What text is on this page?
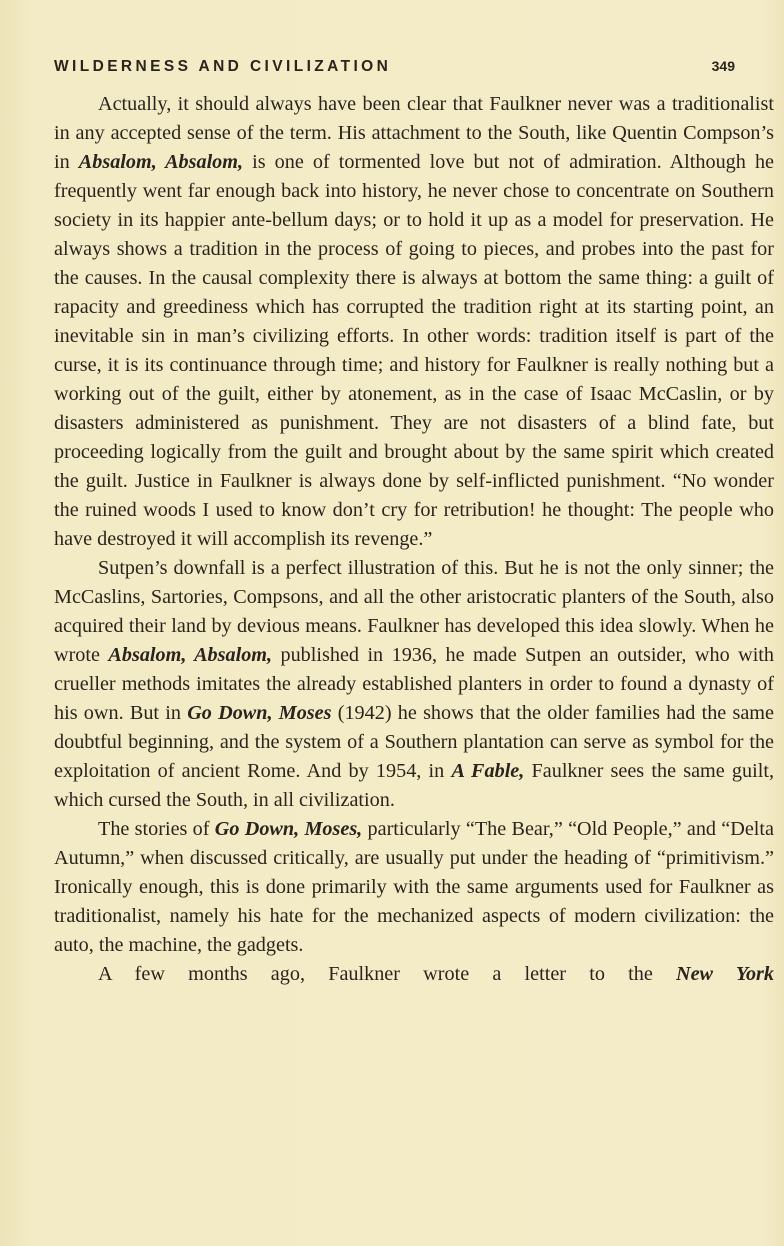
WILDERNESS AND CIVILIZATION	349

Actually, it should always have been clear that Faulkner never was a traditionalist in any accepted sense of the term. His attachment to the South, like Quentin Compson’s in Absalom, Absalom, is one of tormented love but not of admiration. Although he frequently went far enough back into history, he never chose to concentrate on Southern society in its happier ante-bellum days; or to hold it up as a model for preservation. He always shows a tradition in the process of going to pieces, and probes into the past for the causes. In the causal complexity there is always at bottom the same thing: a guilt of rapacity and greediness which has corrupted the tradition right at its starting point, an inevitable sin in man’s civilizing efforts. In other words: tradition itself is part of the curse, it is its continuance through time; and history for Faulkner is really nothing but a working out of the guilt, either by atonement, as in the case of Isaac McCaslin, or by disasters administered as punishment. They are not disasters of a blind fate, but proceeding logically from the guilt and brought about by the same spirit which created the guilt. Justice in Faulkner is always done by self-inflicted punishment. “No wonder the ruined woods I used to know don’t cry for retribution! he thought: The people who have destroyed it will accomplish its revenge.”

Sutpen’s downfall is a perfect illustration of this. But he is not the only sinner; the McCaslins, Sartories, Compsons, and all the other aristocratic planters of the South, also acquired their land by devious means. Faulkner has developed this idea slowly. When he wrote Absalom, Absalom, published in 1936, he made Sutpen an outsider, who with crueller methods imitates the already established planters in order to found a dynasty of his own. But in Go Down, Moses (1942) he shows that the older families had the same doubtful beginning, and the system of a Southern plantation can serve as symbol for the exploitation of ancient Rome. And by 1954, in A Fable, Faulkner sees the same guilt, which cursed the South, in all civilization.

The stories of Go Down, Moses, particularly “The Bear,” “Old People,” and “Delta Autumn,” when discussed critically, are usually put under the heading of “primitivism.” Ironically enough, this is done primarily with the same arguments used for Faulkner as traditionalist, namely his hate for the mechanized aspects of modern civilization: the auto, the machine, the gadgets.

A few months ago, Faulkner wrote a letter to the New York
